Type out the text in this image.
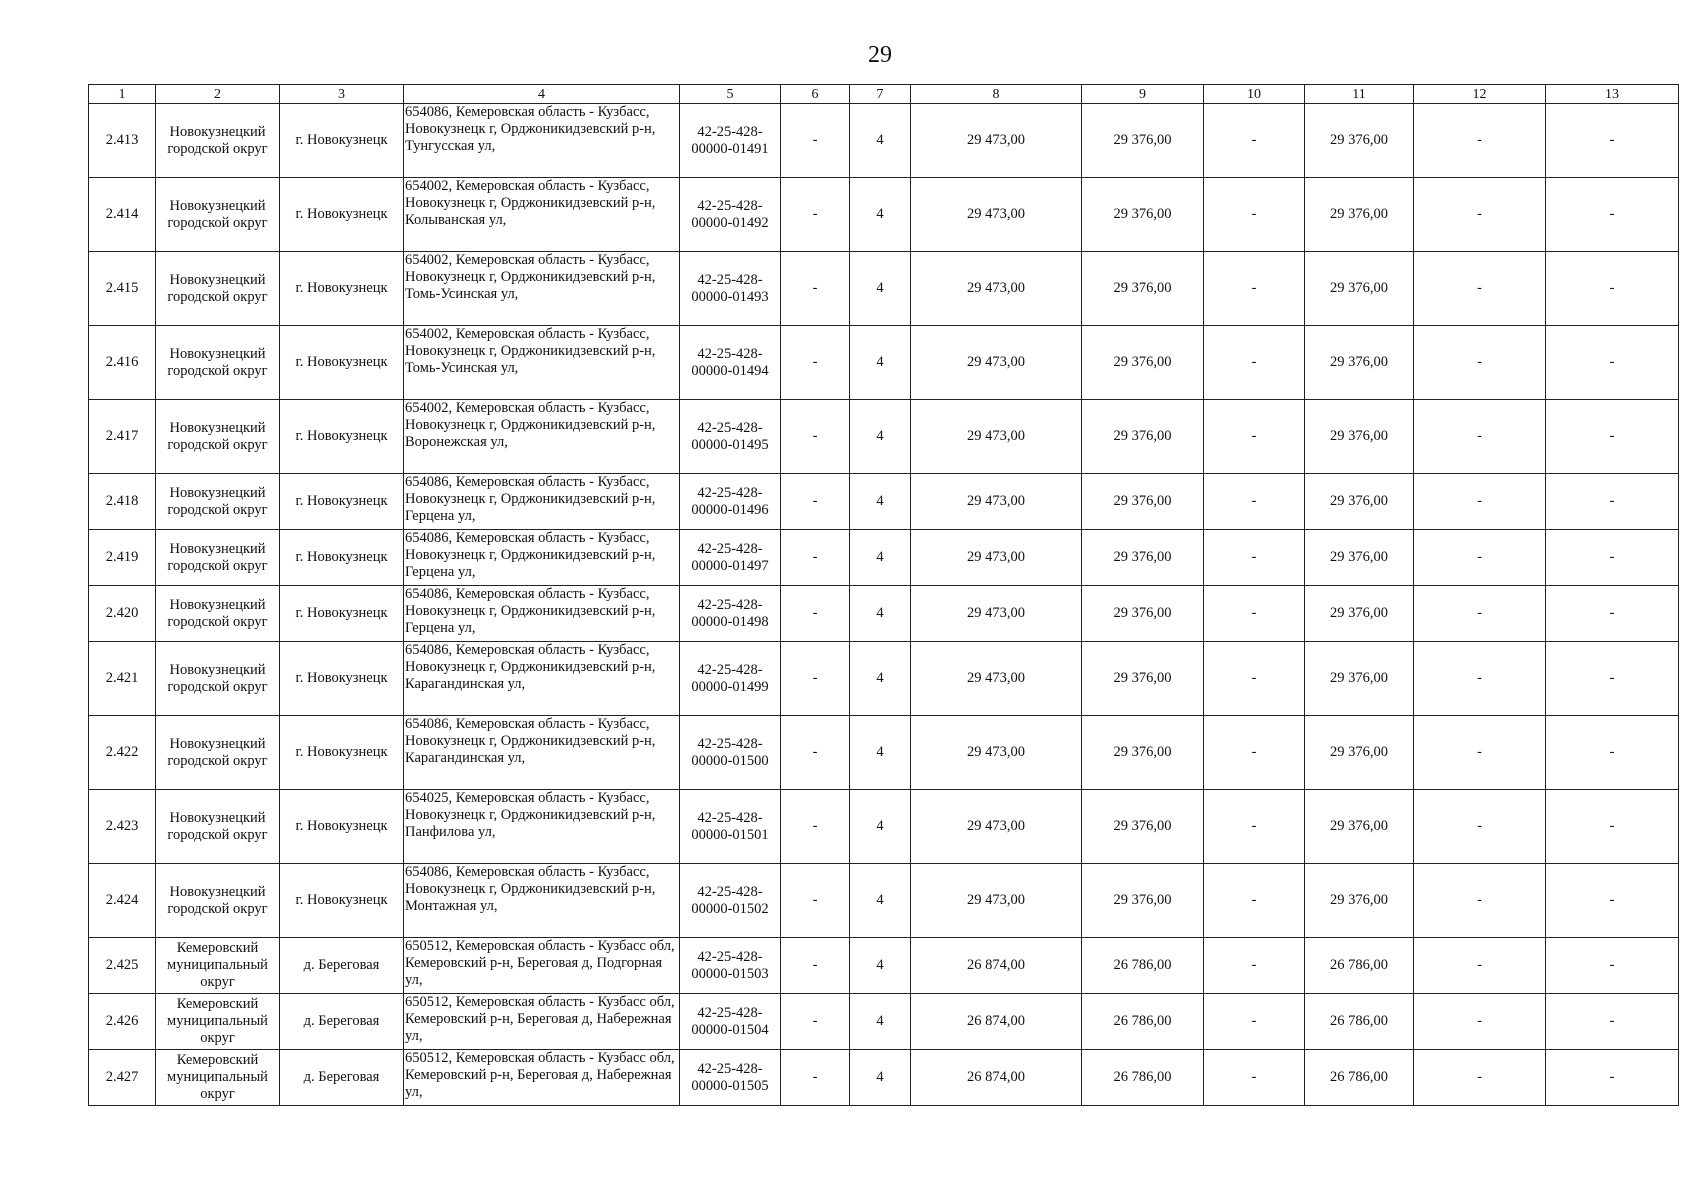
29
1	2	3	4	5	6	7	8	9	10	11	12	13
2.413	Новокузнецкий городской округ	г. Новокузнецк	654086, Кемеровская область - Кузбасс, Новокузнецк г, Орджоникидзевский р-н, Тунгусская ул,	42-25-428-00000-01491	-	4	29 473,00	29 376,00	-	29 376,00	-	-
2.414	Новокузнецкий городской округ	г. Новокузнецк	654002, Кемеровская область - Кузбасс, Новокузнецк г, Орджоникидзевский р-н, Колыванская ул,	42-25-428-00000-01492	-	4	29 473,00	29 376,00	-	29 376,00	-	-
2.415	Новокузнецкий городской округ	г. Новокузнецк	654002, Кемеровская область - Кузбасс, Новокузнецк г, Орджоникидзевский р-н, Томь-Усинская ул,	42-25-428-00000-01493	-	4	29 473,00	29 376,00	-	29 376,00	-	-
2.416	Новокузнецкий городской округ	г. Новокузнецк	654002, Кемеровская область - Кузбасс, Новокузнецк г, Орджоникидзевский р-н, Томь-Усинская ул,	42-25-428-00000-01494	-	4	29 473,00	29 376,00	-	29 376,00	-	-
2.417	Новокузнецкий городской округ	г. Новокузнецк	654002, Кемеровская область - Кузбасс, Новокузнецк г, Орджоникидзевский р-н, Воронежская ул,	42-25-428-00000-01495	-	4	29 473,00	29 376,00	-	29 376,00	-	-
2.418	Новокузнецкий городской округ	г. Новокузнецк	654086, Кемеровская область - Кузбасс, Новокузнецк г, Орджоникидзевский р-н, Герцена ул,	42-25-428-00000-01496	-	4	29 473,00	29 376,00	-	29 376,00	-	-
2.419	Новокузнецкий городской округ	г. Новокузнецк	654086, Кемеровская область - Кузбасс, Новокузнецк г, Орджоникидзевский р-н, Герцена ул,	42-25-428-00000-01497	-	4	29 473,00	29 376,00	-	29 376,00	-	-
2.420	Новокузнецкий городской округ	г. Новокузнецк	654086, Кемеровская область - Кузбасс, Новокузнецк г, Орджоникидзевский р-н, Герцена ул,	42-25-428-00000-01498	-	4	29 473,00	29 376,00	-	29 376,00	-	-
2.421	Новокузнецкий городской округ	г. Новокузнецк	654086, Кемеровская область - Кузбасс, Новокузнецк г, Орджоникидзевский р-н, Карагандинская ул,	42-25-428-00000-01499	-	4	29 473,00	29 376,00	-	29 376,00	-	-
2.422	Новокузнецкий городской округ	г. Новокузнецк	654086, Кемеровская область - Кузбасс, Новокузнецк г, Орджоникидзевский р-н, Карагандинская ул,	42-25-428-00000-01500	-	4	29 473,00	29 376,00	-	29 376,00	-	-
2.423	Новокузнецкий городской округ	г. Новокузнецк	654025, Кемеровская область - Кузбасс, Новокузнецк г, Орджоникидзевский р-н, Панфилова ул,	42-25-428-00000-01501	-	4	29 473,00	29 376,00	-	29 376,00	-	-
2.424	Новокузнецкий городской округ	г. Новокузнецк	654086, Кемеровская область - Кузбасс, Новокузнецк г, Орджоникидзевский р-н, Монтажная ул,	42-25-428-00000-01502	-	4	29 473,00	29 376,00	-	29 376,00	-	-
2.425	Кемеровский муниципальный округ	д. Береговая	650512, Кемеровская область - Кузбасс обл, Кемеровский р-н, Береговая д, Подгорная ул,	42-25-428-00000-01503	-	4	26 874,00	26 786,00	-	26 786,00	-	-
2.426	Кемеровский муниципальный округ	д. Береговая	650512, Кемеровская область - Кузбасс обл, Кемеровский р-н, Береговая д, Набережная ул,	42-25-428-00000-01504	-	4	26 874,00	26 786,00	-	26 786,00	-	-
2.427	Кемеровский муниципальный округ	д. Береговая	650512, Кемеровская область - Кузбасс обл, Кемеровский р-н, Береговая д, Набережная ул,	42-25-428-00000-01505	-	4	26 874,00	26 786,00	-	26 786,00	-	-
